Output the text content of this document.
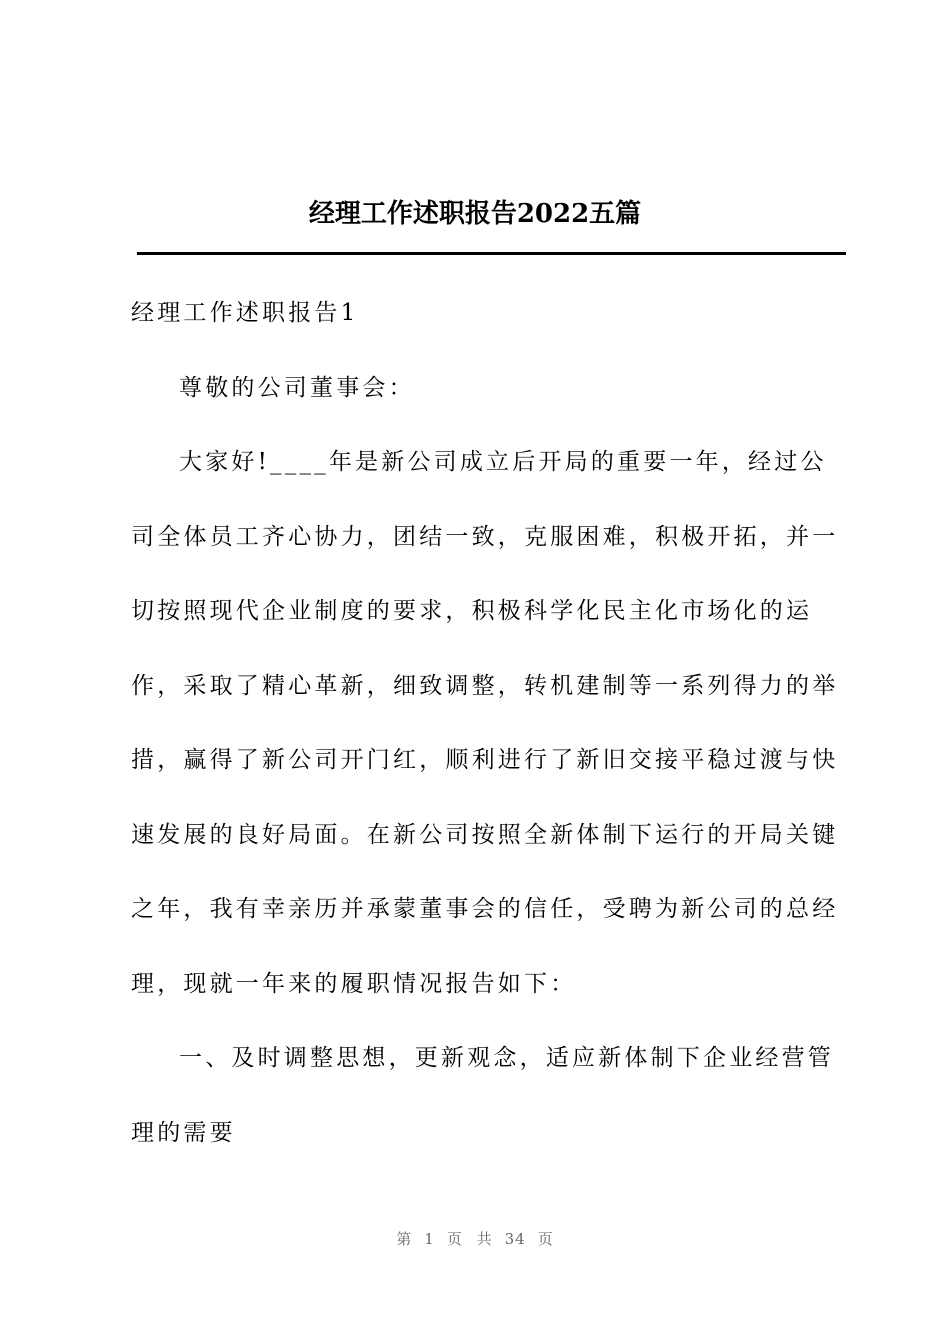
经理工作述职报告2022五篇

经理工作述职报告1

尊敬的公司董事会：

大家好!____年是新公司成立后开局的重要一年，经过公司全体员工齐心协力，团结一致，克服困难，积极开拓，并一切按照现代企业制度的要求，积极科学化民主化市场化的运作，采取了精心革新，细致调整，转机建制等一系列得力的举措，赢得了新公司开门红，顺利进行了新旧交接平稳过渡与快速发展的良好局面。在新公司按照全新体制下运行的开局关键之年，我有幸亲历并承蒙董事会的信任，受聘为新公司的总经理，现就一年来的履职情况报告如下：

一、及时调整思想，更新观念，适应新体制下企业经营管理的需要

第 1 页 共 34 页
